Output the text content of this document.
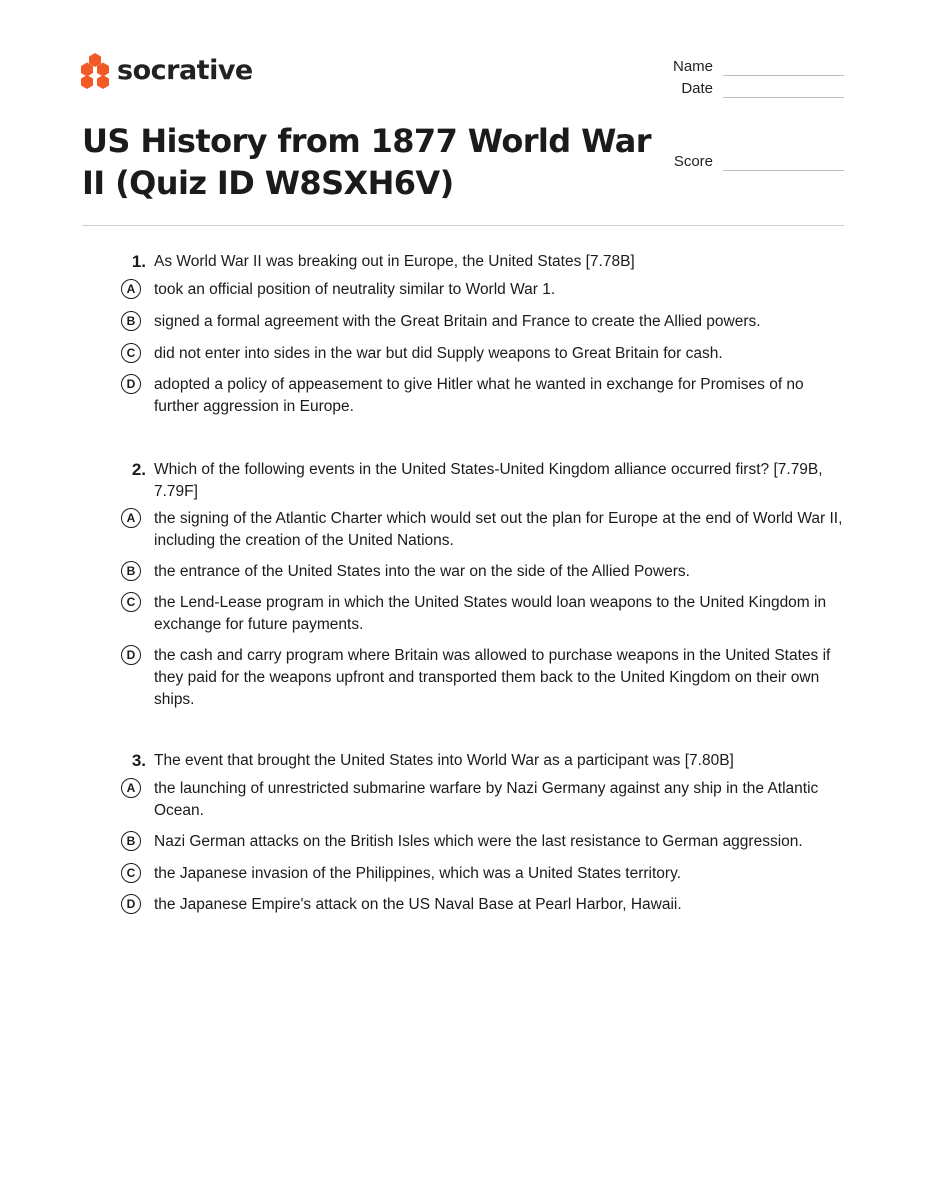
socrative	Name
Date
Score
US History from 1877 World War II (Quiz ID W8SXH6V)
1. As World War II was breaking out in Europe, the United States [7.78B]
A	took an official position of neutrality similar to World War 1.
B	signed a formal agreement with the Great Britain and France to create the Allied powers.
C	did not enter into sides in the war but did Supply weapons to Great Britain for cash.
D	adopted a policy of appeasement to give Hitler what he wanted in exchange for Promises of no further aggression in Europe.
2. Which of the following events in the United States-United Kingdom alliance occurred first? [7.79B, 7.79F]
A	the signing of the Atlantic Charter which would set out the plan for Europe at the end of World War II, including the creation of the United Nations.
B	the entrance of the United States into the war on the side of the Allied Powers.
C	the Lend-Lease program in which the United States would loan weapons to the United Kingdom in exchange for future payments.
D	the cash and carry program where Britain was allowed to purchase weapons in the United States if they paid for the weapons upfront and transported them back to the United Kingdom on their own ships.
3. The event that brought the United States into World War as a participant was [7.80B]
A	the launching of unrestricted submarine warfare by Nazi Germany against any ship in the Atlantic Ocean.
B	Nazi German attacks on the British Isles which were the last resistance to German aggression.
C	the Japanese invasion of the Philippines, which was a United States territory.
D	the Japanese Empire's attack on the US Naval Base at Pearl Harbor, Hawaii.
